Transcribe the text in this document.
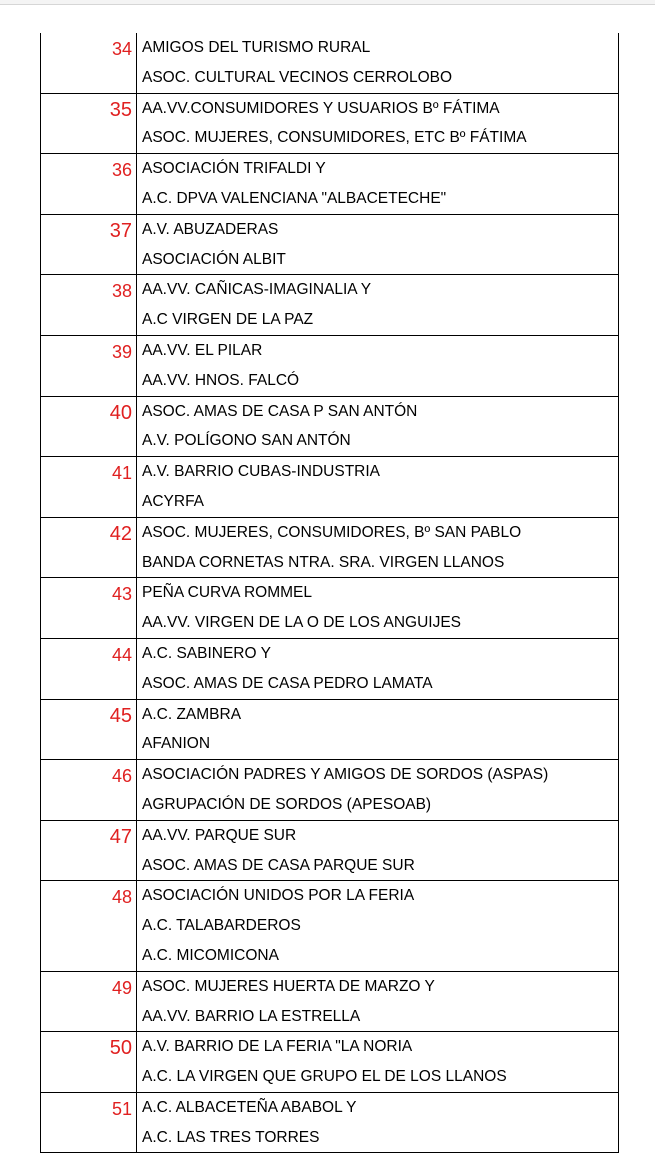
34	AMIGOS DEL TURISMO RURAL
ASOC. CULTURAL VECINOS CERROLOBO

35	AA.VV.CONSUMIDORES Y USUARIOS Bº FÁTIMA
ASOC. MUJERES, CONSUMIDORES, ETC Bº FÁTIMA

36	ASOCIACIÓN TRIFALDI Y
A.C. DPVA VALENCIANA "ALBACETECHE"

37	A.V. ABUZADERAS
ASOCIACIÓN ALBIT

38	AA.VV. CAÑICAS-IMAGINALIA Y
A.C VIRGEN DE LA PAZ

39	AA.VV. EL PILAR
AA.VV. HNOS. FALCÓ

40	ASOC. AMAS DE CASA P SAN ANTÓN
A.V. POLÍGONO SAN ANTÓN

41	A.V. BARRIO CUBAS-INDUSTRIA
ACYRFA

42	ASOC. MUJERES, CONSUMIDORES, Bº SAN PABLO
BANDA CORNETAS NTRA. SRA. VIRGEN LLANOS

43	PEÑA CURVA ROMMEL
AA.VV. VIRGEN DE LA O DE LOS ANGUIJES

44	A.C. SABINERO Y
ASOC. AMAS DE CASA PEDRO LAMATA

45	A.C. ZAMBRA
AFANION

46	ASOCIACIÓN PADRES Y AMIGOS DE SORDOS (ASPAS)
AGRUPACIÓN DE SORDOS (APESOAB)

47	AA.VV. PARQUE SUR
ASOC. AMAS DE CASA PARQUE SUR

48	ASOCIACIÓN UNIDOS POR LA FERIA
A.C. TALABARDEROS
A.C. MICOMICONA

49	ASOC. MUJERES HUERTA DE MARZO Y
AA.VV. BARRIO LA ESTRELLA

50	A.V. BARRIO DE LA FERIA "LA NORIA
A.C. LA VIRGEN QUE GRUPO EL DE LOS LLANOS

51	A.C. ALBACETEÑA ABABOL Y
A.C. LAS TRES TORRES
